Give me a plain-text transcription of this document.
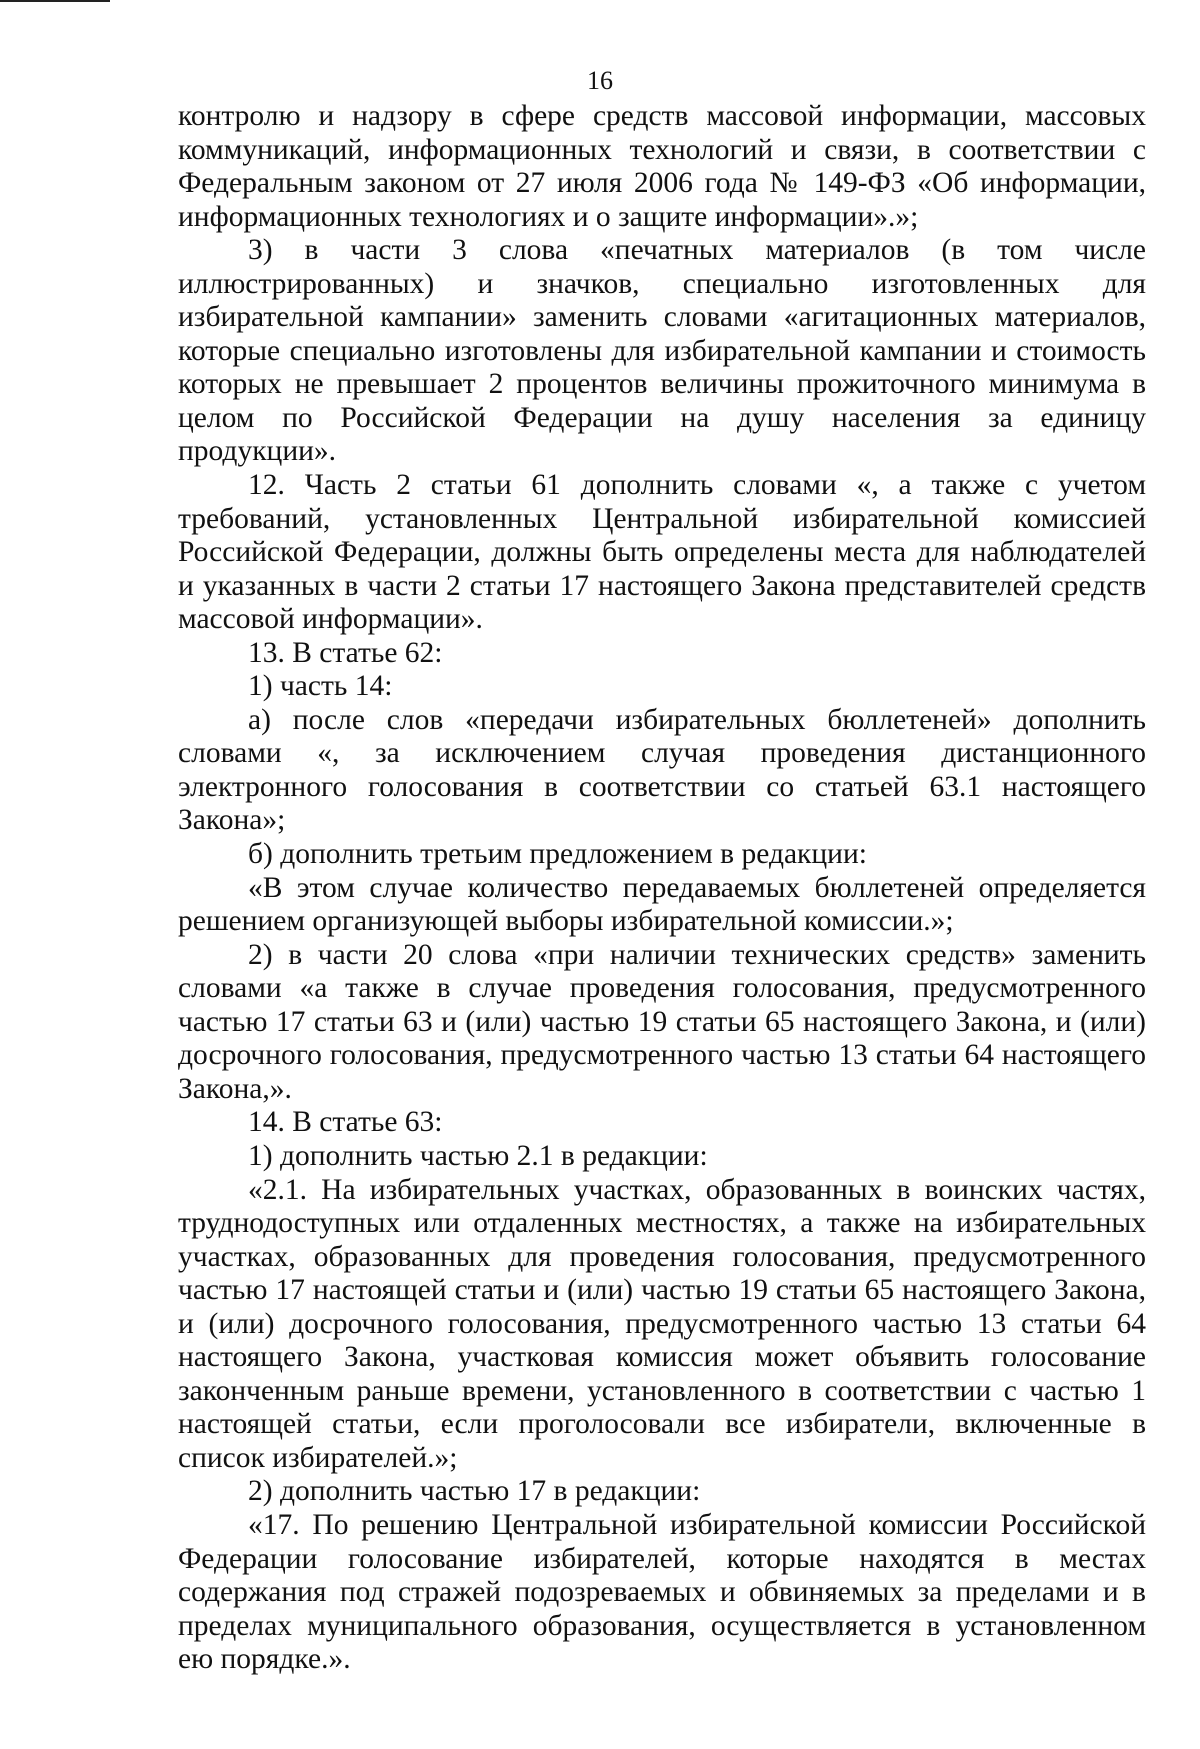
16

контролю и надзору в сфере средств массовой информации, массовых коммуникаций, информационных технологий и связи, в соответствии с Федеральным законом от 27 июля 2006 года № 149-ФЗ «Об информации, информационных технологиях и о защите информации».»;

3) в части 3 слова «печатных материалов (в том числе иллюстрированных) и значков, специально изготовленных для избирательной кампании» заменить словами «агитационных материалов, которые специально изготовлены для избирательной кампании и стоимость которых не превышает 2 процентов величины прожиточного минимума в целом по Российской Федерации на душу населения за единицу продукции».

12. Часть 2 статьи 61 дополнить словами «, а также с учетом требований, установленных Центральной избирательной комиссией Российской Федерации, должны быть определены места для наблюдателей и указанных в части 2 статьи 17 настоящего Закона представителей средств массовой информации».

13. В статье 62:

1) часть 14:

а) после слов «передачи избирательных бюллетеней» дополнить словами «, за исключением случая проведения дистанционного электронного голосования в соответствии со статьей 63.1 настоящего Закона»;

б) дополнить третьим предложением в редакции:

«В этом случае количество передаваемых бюллетеней определяется решением организующей выборы избирательной комиссии.»;

2) в части 20 слова «при наличии технических средств» заменить словами «а также в случае проведения голосования, предусмотренного частью 17 статьи 63 и (или) частью 19 статьи 65 настоящего Закона, и (или) досрочного голосования, предусмотренного частью 13 статьи 64 настоящего Закона,».

14. В статье 63:

1) дополнить частью 2.1 в редакции:

«2.1. На избирательных участках, образованных в воинских частях, труднодоступных или отдаленных местностях, а также на избирательных участках, образованных для проведения голосования, предусмотренного частью 17 настоящей статьи и (или) частью 19 статьи 65 настоящего Закона, и (или) досрочного голосования, предусмотренного частью 13 статьи 64 настоящего Закона, участковая комиссия может объявить голосование законченным раньше времени, установленного в соответствии с частью 1 настоящей статьи, если проголосовали все избиратели, включенные в список избирателей.»;

2) дополнить частью 17 в редакции:

«17. По решению Центральной избирательной комиссии Российской Федерации голосование избирателей, которые находятся в местах содержания под стражей подозреваемых и обвиняемых за пределами и в пределах муниципального образования, осуществляется в установленном ею порядке.».
